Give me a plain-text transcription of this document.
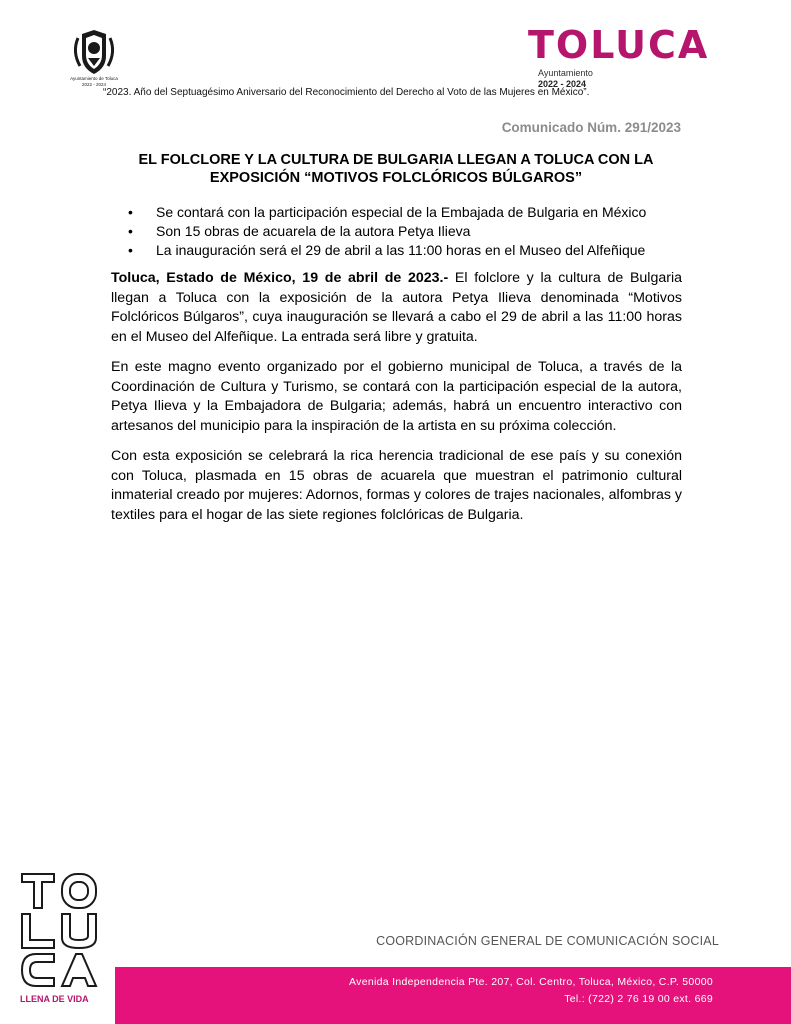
Ayuntamiento de Toluca
2022 - 2024
TOLUCA
Ayuntamiento
2022 - 2024
“2023. Año del Septuagésimo Aniversario del Reconocimiento del Derecho al Voto de las Mujeres en México”.
Comunicado Núm. 291/2023
EL FOLCLORE Y LA CULTURA DE BULGARIA LLEGAN A TOLUCA CON LA
EXPOSICIÓN “MOTIVOS FOLCLÓRICOS BÚLGAROS”
• Se contará con la participación especial de la Embajada de Bulgaria en México
• Son 15 obras de acuarela de la autora Petya Ilieva
• La inauguración será el 29 de abril a las 11:00 horas en el Museo del Alfeñique

Toluca, Estado de México, 19 de abril de 2023.- El folclore y la cultura de Bulgaria llegan a Toluca con la exposición de la autora Petya Ilieva denominada “Motivos Folclóricos Búlgaros”, cuya inauguración se llevará a cabo el 29 de abril a las 11:00 horas en el Museo del Alfeñique. La entrada será libre y gratuita.

En este magno evento organizado por el gobierno municipal de Toluca, a través de la Coordinación de Cultura y Turismo, se contará con la participación especial de la autora, Petya Ilieva y la Embajadora de Bulgaria; además, habrá un encuentro interactivo con artesanos del municipio para la inspiración de la artista en su próxima colección.

Con esta exposición se celebrará la rica herencia tradicional de ese país y su conexión con Toluca, plasmada en 15 obras de acuarela que muestran el patrimonio cultural inmaterial creado por mujeres: Adornos, formas y colores de trajes nacionales, alfombras y textiles para el hogar de las siete regiones folclóricas de Bulgaria.

LLENA DE VIDA
COORDINACIÓN GENERAL DE COMUNICACIÓN SOCIAL
Avenida Independencia Pte. 207, Col. Centro, Toluca, México, C.P. 50000
Tel.: (722) 2 76 19 00 ext. 669
